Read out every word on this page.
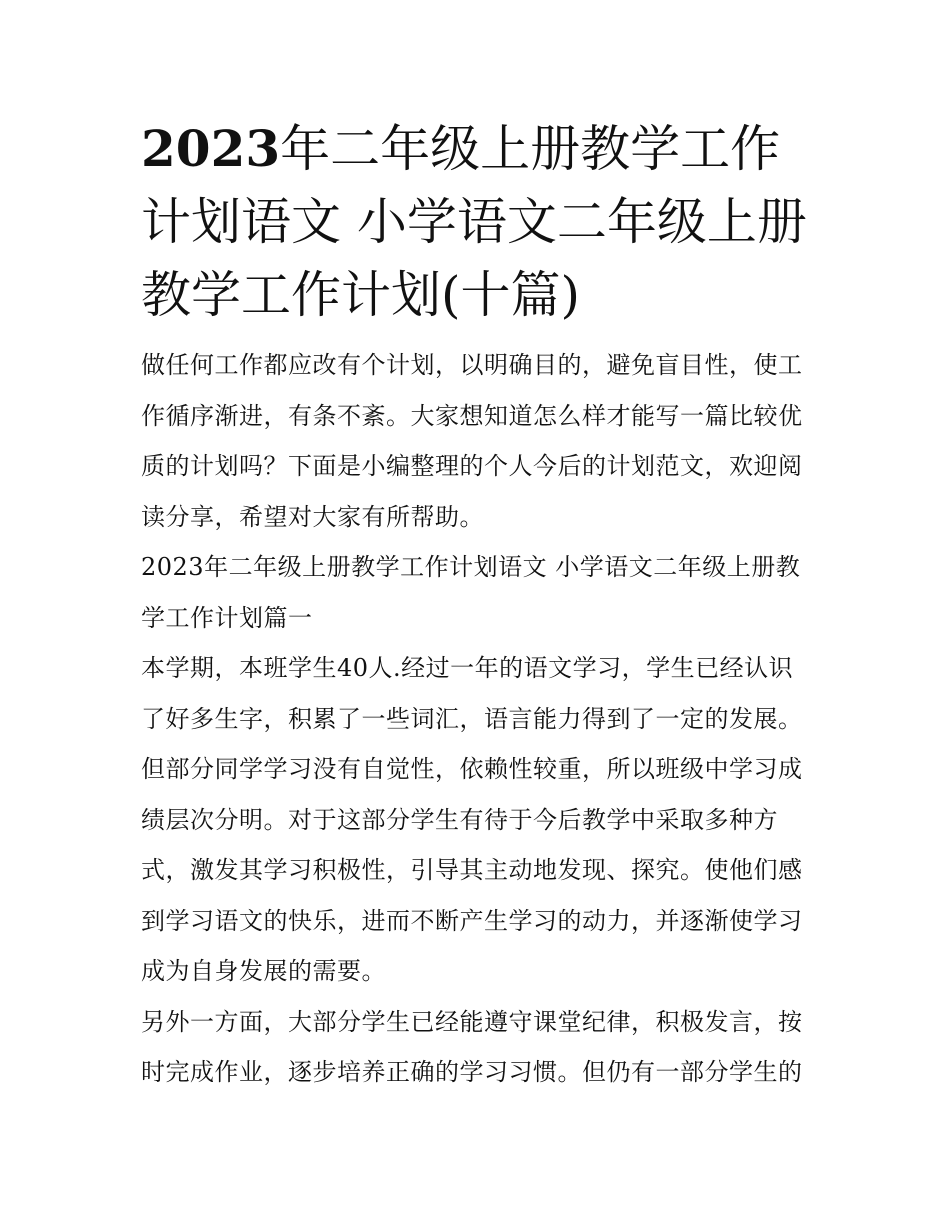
2023年二年级上册教学工作计划语文 小学语文二年级上册教学工作计划(十篇)

做任何工作都应改有个计划，以明确目的，避免盲目性，使工作循序渐进，有条不紊。大家想知道怎么样才能写一篇比较优质的计划吗？下面是小编整理的个人今后的计划范文，欢迎阅读分享，希望对大家有所帮助。

2023年二年级上册教学工作计划语文 小学语文二年级上册教学工作计划篇一

本学期，本班学生40人.经过一年的语文学习，学生已经认识了好多生字，积累了一些词汇，语言能力得到了一定的发展。但部分同学学习没有自觉性，依赖性较重，所以班级中学习成绩层次分明。对于这部分学生有待于今后教学中采取多种方式，激发其学习积极性，引导其主动地发现、探究。使他们感到学习语文的快乐，进而不断产生学习的动力，并逐渐使学习成为自身发展的需要。

另外一方面，大部分学生已经能遵守课堂纪律，积极发言，按时完成作业，逐步培养正确的学习习惯。但仍有一部分学生的
